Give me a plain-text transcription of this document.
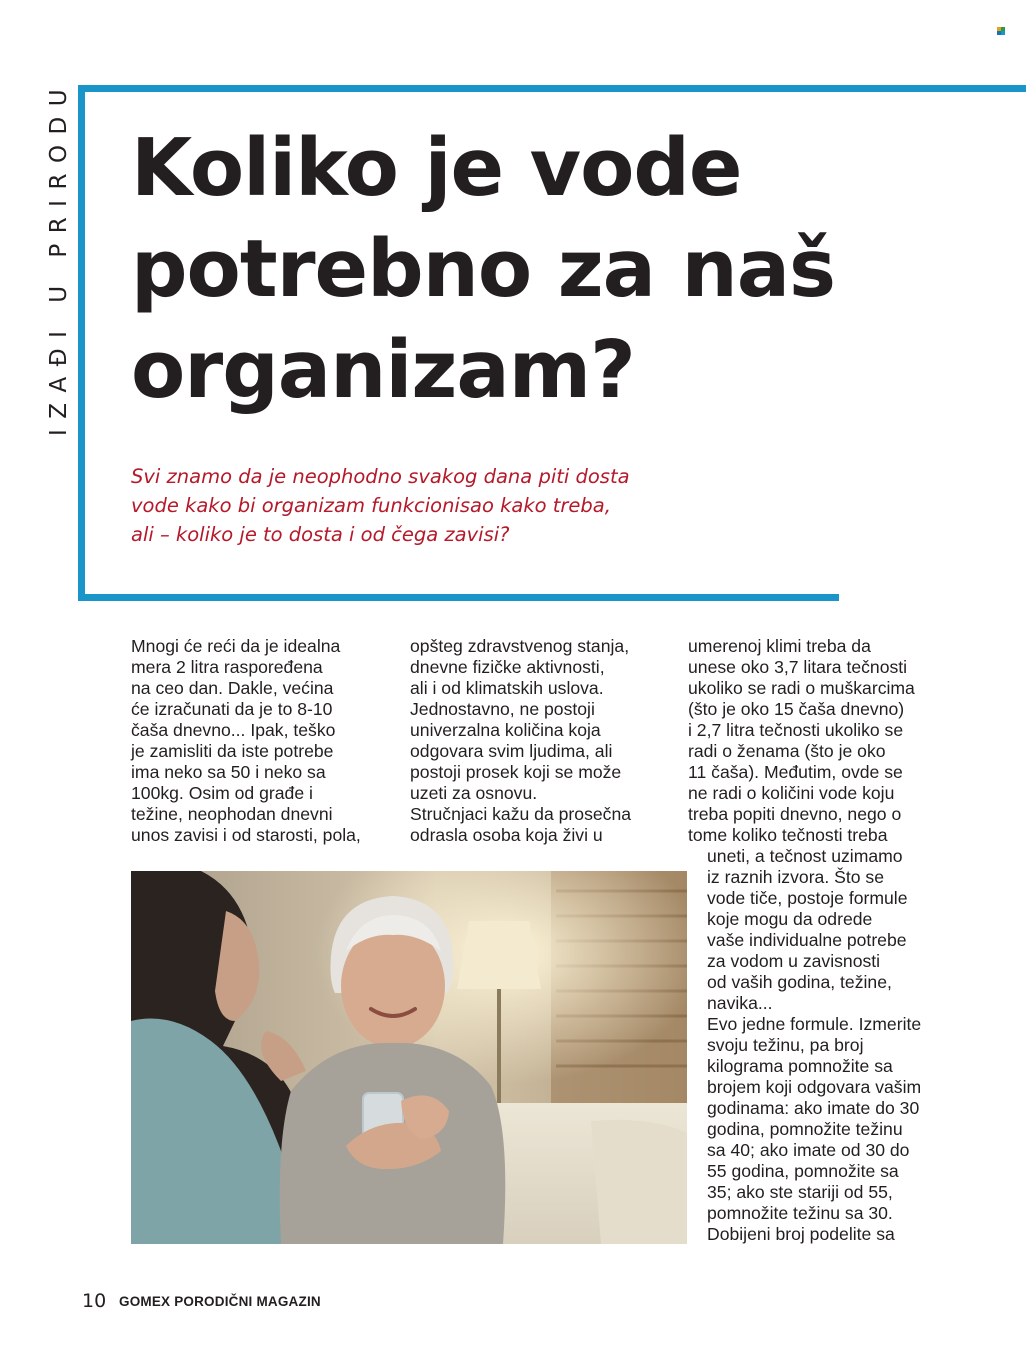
IZAĐI U PRIRODU Koliko je vode potrebno za naš organizam?
Svi znamo da je neophodno svakog dana piti dosta
vode kako bi organizam funkcionisao kako treba,
ali – koliko je to dosta i od čega zavisi?
Mnogi će reći da je idealna
mera 2 litra raspoređena
na ceo dan. Dakle, većina
će izračunati da je to 8-10
čaša dnevno... Ipak, teško
je zamisliti da iste potrebe
ima neko sa 50 i neko sa
100kg. Osim od građe i
težine, neophodan dnevni
unos zavisi i od starosti, pola,
opšteg zdravstvenog stanja,
dnevne fizičke aktivnosti,
ali i od klimatskih uslova.
Jednostavno, ne postoji
univerzalna količina koja
odgovara svim ljudima, ali
postoji prosek koji se može
uzeti za osnovu.
Stručnjaci kažu da prosečna
odrasla osoba koja živi u
umerenoj klimi treba da
unese oko 3,7 litara tečnosti
ukoliko se radi o muškarcima
(što je oko 15 čaša dnevno)
i 2,7 litra tečnosti ukoliko se
radi o ženama (što je oko
11 čaša). Međutim, ovde se
ne radi o količini vode koju
treba popiti dnevno, nego o
tome koliko tečnosti treba
uneti, a tečnost uzimamo
iz raznih izvora. Što se
vode tiče, postoje formule
koje mogu da odrede
vaše individualne potrebe
za vodom u zavisnosti
od vaših godina, težine,
navika...
Evo jedne formule. Izmerite
svoju težinu, pa broj
kilograma pomnožite sa
brojem koji odgovara vašim
godinama: ako imate do 30
godina, pomnožite težinu
sa 40; ako imate od 30 do
55 godina, pomnožite sa
35; ako ste stariji od 55,
pomnožite težinu sa 30.
Dobijeni broj podelite sa
10 GOMEX PORODIČNI MAGAZIN
